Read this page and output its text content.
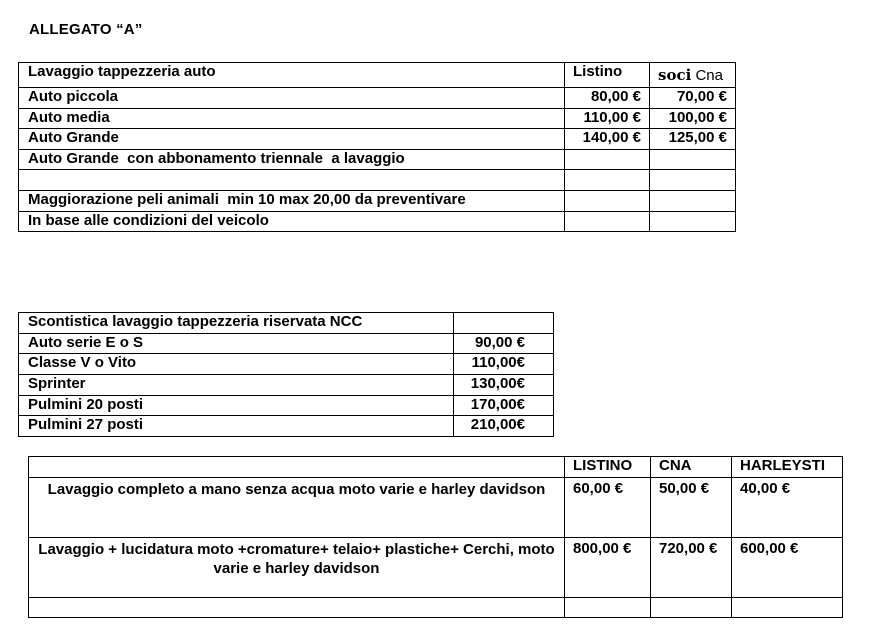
ALLEGATO “A”
Lavaggio tappezzeria auto	Listino	soci Cna
Auto piccola	80,00 €	70,00 €
Auto media	110,00 €	100,00 €
Auto Grande	140,00 €	125,00 €
Auto Grande  con abbonamento triennale  a lavaggio		

Maggiorazione peli animali  min 10 max 20,00 da preventivare		
In base alle condizioni del veicolo		
Scontistica lavaggio tappezzeria riservata NCC	
Auto serie E o S	90,00 €
Classe V o Vito	110,00€
Sprinter	130,00€
Pulmini 20 posti	170,00€
Pulmini 27 posti	210,00€
	LISTINO	CNA	HARLEYSTI
Lavaggio completo a mano senza acqua moto varie e harley davidson	60,00 €	50,00 €	40,00 €
Lavaggio + lucidatura moto +cromature+ telaio+ plastiche+ Cerchi, moto varie e harley davidson	800,00 €	720,00 €	600,00 €
